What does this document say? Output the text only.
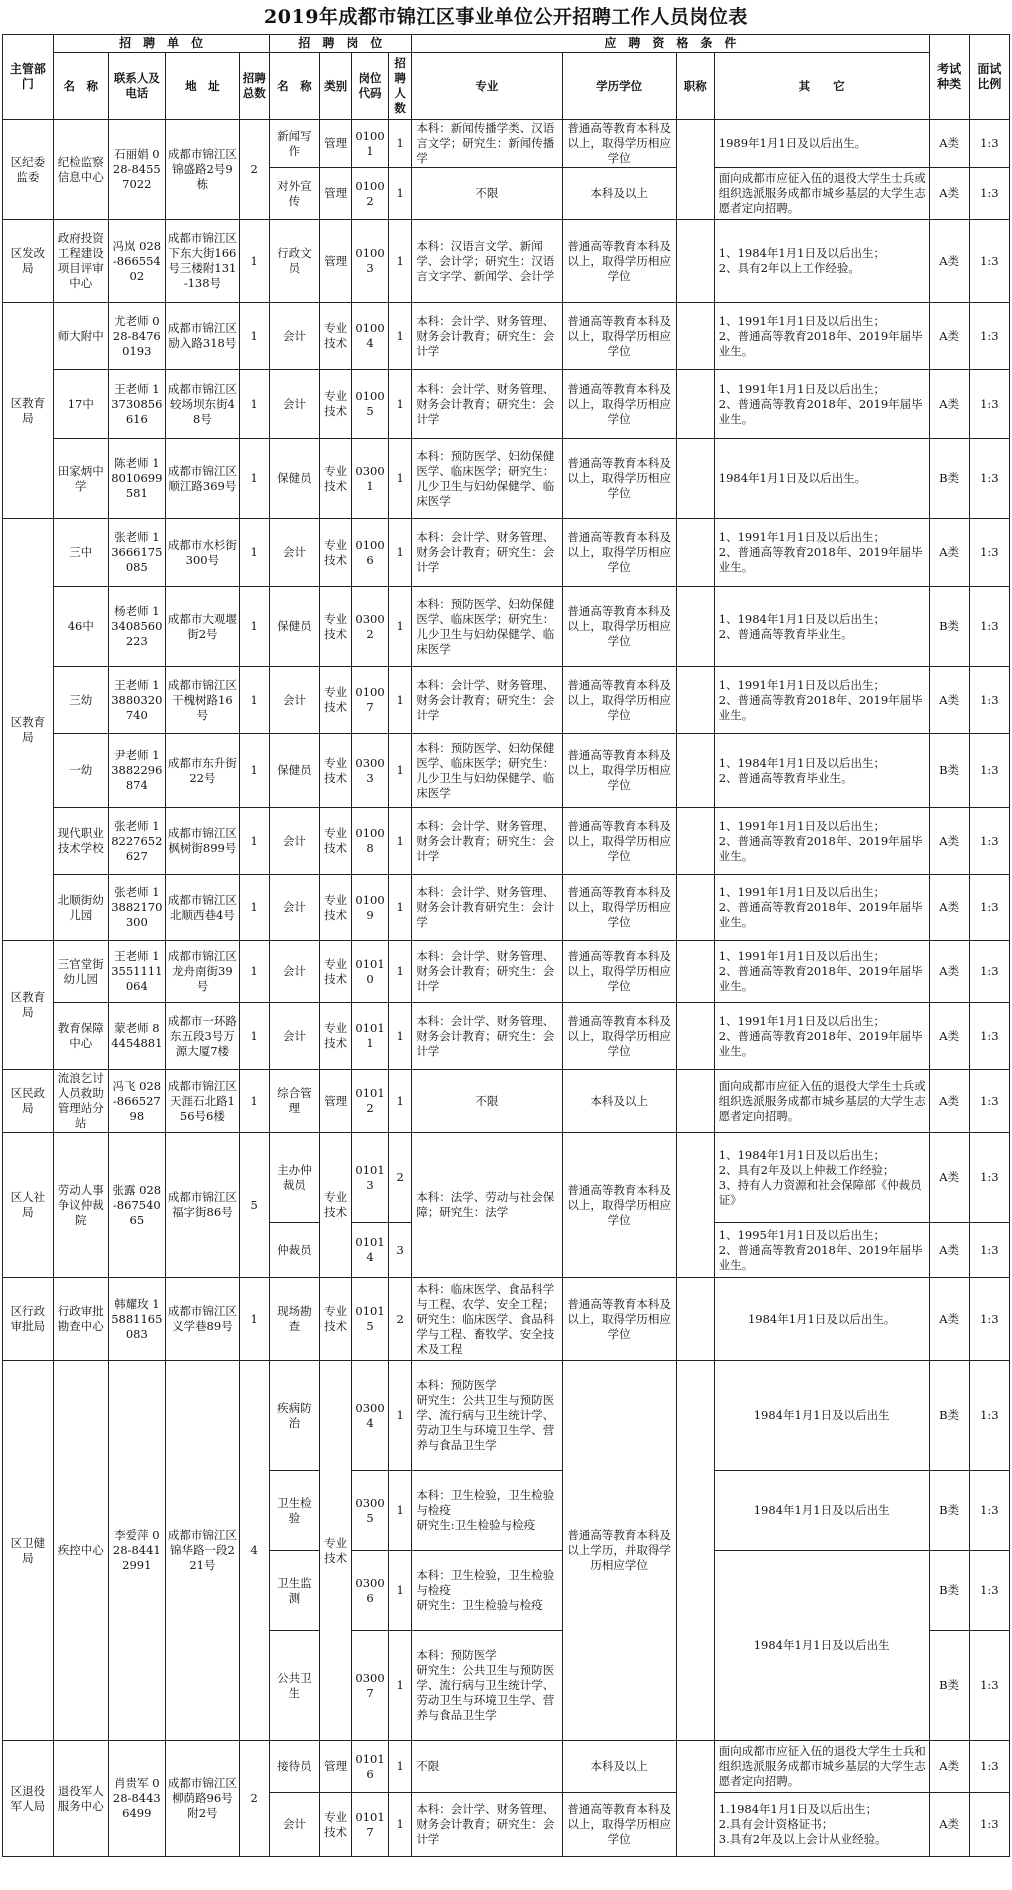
2019年成都市锦江区事业单位公开招聘工作人员岗位表
主管部门	招　聘　单　位				招　聘　岗　位				应　聘　资　格　条　件				考试种类	面试比例
	名　称	联系人及电话	地　址	招聘总数	名　称	类别	岗位代码	招聘人数	专业	学历学位	职称	其　　它		
区纪委监委	纪检监察信息中心	石丽娟 028-84557022	成都市锦江区锦盛路2号9栋	2	新闻写作	管理	01001	1	本科：新闻传播学类、汉语言文学；研究生：新闻传播学	普通高等教育本科及以上，取得学历相应学位		1989年1月1日及以后出生。	A类	1:3
					对外宣传	管理	01002	1	不限	本科及以上		面向成都市应征入伍的退役大学生士兵或组织选派服务成都市城乡基层的大学生志愿者定向招聘。	A类	1:3
区发改局	政府投资工程建设项目评审中心	冯岚 028-86655402	成都市锦江区下东大街166号三楼附131-138号	1	行政文员	管理	01003	1	本科：汉语言文学、新闻学、会计学；研究生：汉语言文字学、新闻学、会计学	普通高等教育本科及以上，取得学历相应学位		1、1984年1月1日及以后出生；
2、具有2年以上工作经验。	A类	1:3
区教育局	师大附中	尤老师 028-84760193	成都市锦江区励入路318号	1	会计	专业技术	01004	1	本科：会计学、财务管理、财务会计教育；研究生：会计学	普通高等教育本科及以上，取得学历相应学位		1、1991年1月1日及以后出生；
2、普通高等教育2018年、2019年届毕业生。	A类	1:3
	17中	王老师 13730856616	成都市锦江区较场坝东街48号	1	会计	专业技术	01005	1	本科：会计学、财务管理、财务会计教育；研究生：会计学	普通高等教育本科及以上，取得学历相应学位		1、1991年1月1日及以后出生；
2、普通高等教育2018年、2019年届毕业生。	A类	1:3
	田家炳中学	陈老师 18010699581	成都市锦江区顺江路369号	1	保健员	专业技术	03001	1	本科：预防医学、妇幼保健医学、临床医学；研究生：儿少卫生与妇幼保健学、临床医学	普通高等教育本科及以上，取得学历相应学位		1984年1月1日及以后出生。	B类	1:3
区教育局	三中	张老师 13666175085	成都市水杉街300号	1	会计	专业技术	01006	1	本科：会计学、财务管理、财务会计教育；研究生：会计学	普通高等教育本科及以上，取得学历相应学位		1、1991年1月1日及以后出生；
2、普通高等教育2018年、2019年届毕业生。	A类	1:3
	46中	杨老师 13408560223	成都市大观堰街2号	1	保健员	专业技术	03002	1	本科：预防医学、妇幼保健医学、临床医学；研究生：儿少卫生与妇幼保健学、临床医学	普通高等教育本科及以上，取得学历相应学位		1、1984年1月1日及以后出生；
2、普通高等教育毕业生。	B类	1:3
	三幼	王老师 13880320740	成都市锦江区干槐树路16号	1	会计	专业技术	01007	1	本科：会计学、财务管理、财务会计教育；研究生：会计学	普通高等教育本科及以上，取得学历相应学位		1、1991年1月1日及以后出生；
2、普通高等教育2018年、2019年届毕业生。	A类	1:3
	一幼	尹老师 13882296874	成都市东升街22号	1	保健员	专业技术	03003	1	本科：预防医学、妇幼保健医学、临床医学；研究生：儿少卫生与妇幼保健学、临床医学	普通高等教育本科及以上，取得学历相应学位		1、1984年1月1日及以后出生；
2、普通高等教育毕业生。	B类	1:3
	现代职业技术学校	张老师 18227652627	成都市锦江区枫树街899号	1	会计	专业技术	01008	1	本科：会计学、财务管理、财务会计教育；研究生：会计学	普通高等教育本科及以上，取得学历相应学位		1、1991年1月1日及以后出生；
2、普通高等教育2018年、2019年届毕业生。	A类	1:3
	北顺街幼儿园	张老师 13882170300	成都市锦江区北顺西巷4号	1	会计	专业技术	01009	1	本科：会计学、财务管理、财务会计教育研究生：会计学	普通高等教育本科及以上，取得学历相应学位		1、1991年1月1日及以后出生；
2、普通高等教育2018年、2019年届毕业生。	A类	1:3
区教育局	三官堂街幼儿园	王老师 13551111064	成都市锦江区龙舟南街39号	1	会计	专业技术	01010	1	本科：会计学、财务管理、财务会计教育；研究生：会计学	普通高等教育本科及以上，取得学历相应学位		1、1991年1月1日及以后出生；
2、普通高等教育2018年、2019年届毕业生。	A类	1:3
	教育保障中心	蒙老师 84454881	成都市一环路东五段3号万源大厦7楼	1	会计	专业技术	01011	1	本科：会计学、财务管理、财务会计教育；研究生：会计学	普通高等教育本科及以上，取得学历相应学位		1、1991年1月1日及以后出生；
2、普通高等教育2018年、2019年届毕业生。	A类	1:3
区民政局	流浪乞讨人员救助管理站分站	冯飞 028-86652798	成都市锦江区天涯石北路156号6楼	1	综合管理	管理	01012	1	不限	本科及以上		面向成都市应征入伍的退役大学生士兵或组织选派服务成都市城乡基层的大学生志愿者定向招聘。	A类	1:3
区人社局	劳动人事争议仲裁院	张露 028-86754065	成都市锦江区福字街86号	5	主办仲裁员	专业技术	01013	2	本科：法学、劳动与社会保障；研究生：法学	普通高等教育本科及以上，取得学历相应学位		1、1984年1月1日及以后出生；
2、具有2年及以上仲裁工作经验；
3、持有人力资源和社会保障部《仲裁员证》	A类	1:3
					仲裁员		01014	3				1、1995年1月1日及以后出生；
2、普通高等教育2018年、2019年届毕业生。	A类	1:3
区行政审批局	行政审批勘查中心	韩耀玫 15881165083	成都市锦江区义学巷89号	1	现场勘查	专业技术	01015	2	本科：临床医学、食品科学与工程、农学、安全工程；研究生：临床医学、食品科学与工程、畜牧学、安全技术及工程	普通高等教育本科及以上，取得学历相应学位		1984年1月1日及以后出生。	A类	1:3
区卫健局	疾控中心	李爱萍 028-84412991	成都市锦江区锦华路一段221号	4	疾病防治	专业技术	03004	1	本科：预防医学
研究生：公共卫生与预防医学、流行病与卫生统计学、劳动卫生与环境卫生学、营养与食品卫生学	普通高等教育本科及以上学历，并取得学历相应学位		1984年1月1日及以后出生	B类	1:3
					卫生检验		03005	1	本科：卫生检验，卫生检验与检疫
研究生:卫生检验与检疫			1984年1月1日及以后出生	B类	1:3
					卫生监测		03006	1	本科：卫生检验，卫生检验与检疫
研究生：卫生检验与检疫			1984年1月1日及以后出生	B类	1:3
					公共卫生		03007	1	本科：预防医学
研究生：公共卫生与预防医学、流行病与卫生统计学、劳动卫生与环境卫生学、营养与食品卫生学				B类	1:3
区退役军人局	退役军人服务中心	肖贵军 028-84436499	成都市锦江区柳荫路96号附2号	2	接待员	管理	01016	1	不限	本科及以上		面向成都市应征入伍的退役大学生士兵和组织选派服务成都市城乡基层的大学生志愿者定向招聘。	A类	1:3
					会计	专业技术	01017	1	本科：会计学、财务管理、财务会计教育；研究生：会计学	普通高等教育本科及以上，取得学历相应学位		1.1984年1月1日及以后出生；
2.具有会计资格证书；
3.具有2年及以上会计从业经验。	A类	1:3
